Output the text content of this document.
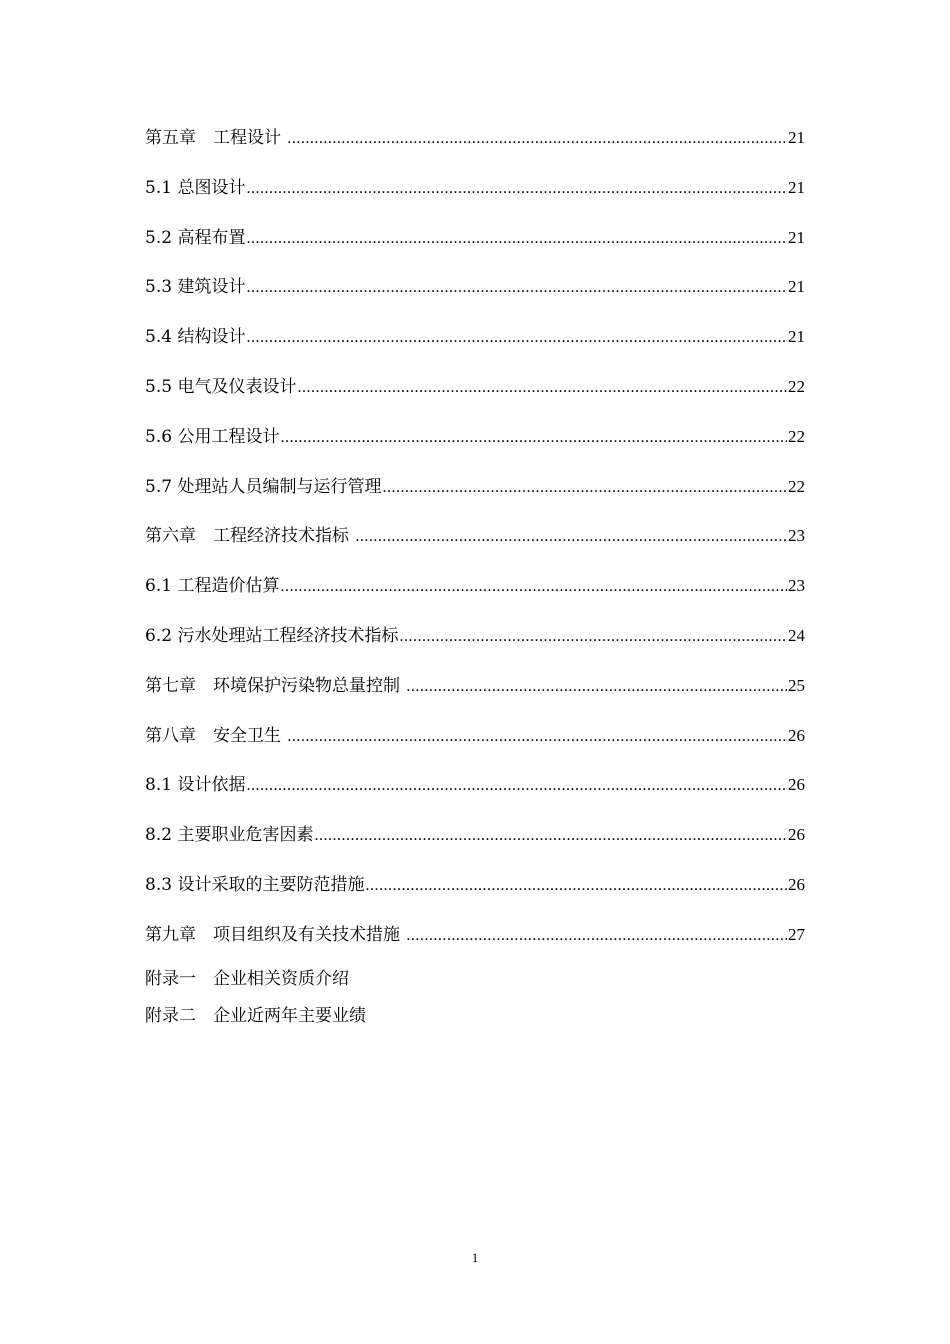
第五章　工程设计 .....	21
5.1 总图设计 .....	21
5.2 高程布置 .....	21
5.3 建筑设计 .....	21
5.4 结构设计 .....	21
5.5 电气及仪表设计 .....	22
5.6 公用工程设计 .....	22
5.7 处理站人员编制与运行管理 .....	22
第六章　工程经济技术指标 .....	23
6.1 工程造价估算 .....	23
6.2 污水处理站工程经济技术指标 .....	24
第七章　环境保护污染物总量控制 .....	25
第八章　安全卫生 .....	26
8.1 设计依据 .....	26
8.2 主要职业危害因素 .....	26
8.3 设计采取的主要防范措施 .....	26
第九章　项目组织及有关技术措施 .....	27
附录一　企业相关资质介绍
附录二　企业近两年主要业绩
1
